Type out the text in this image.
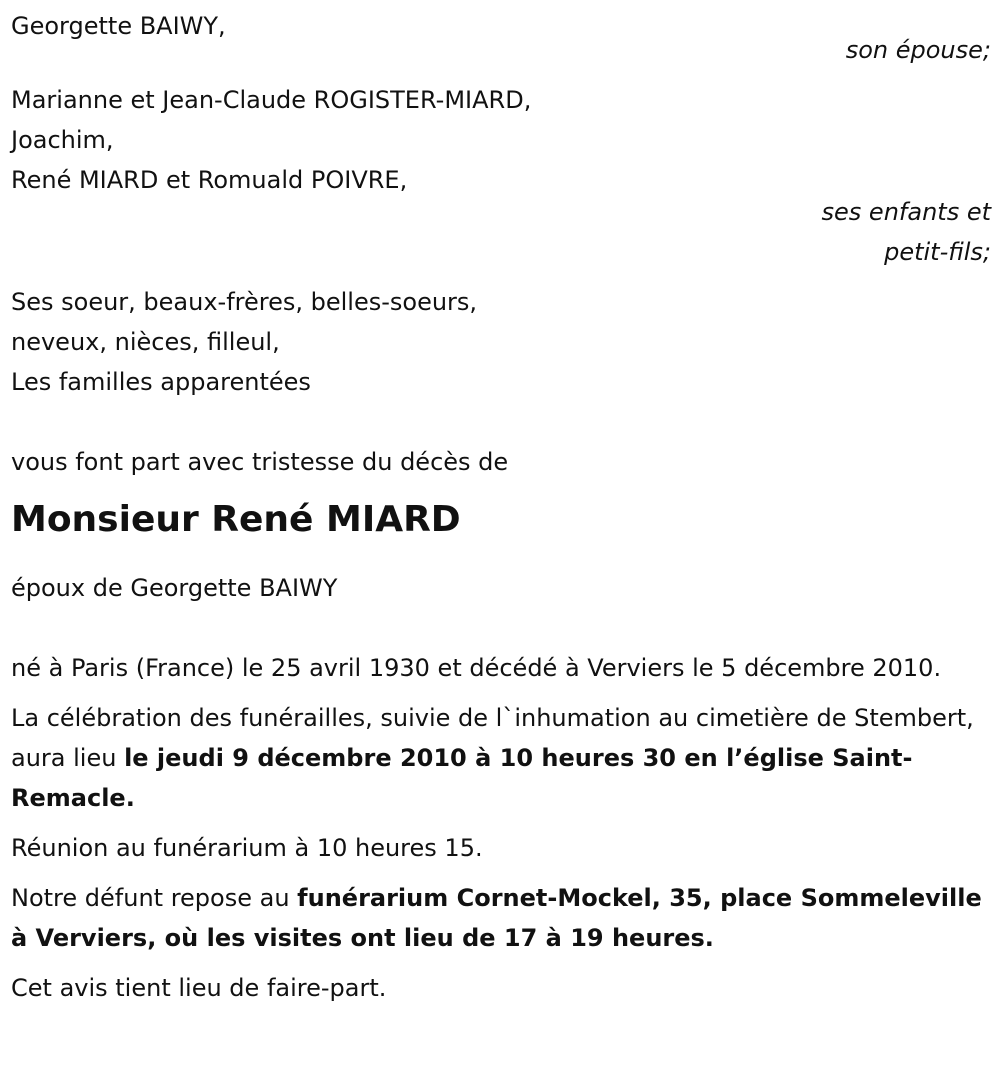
Georgette BAIWY,
son épouse;
Marianne et Jean-Claude ROGISTER-MIARD,
Joachim,
René MIARD et Romuald POIVRE,
ses enfants et
petit-fils;
Ses soeur, beaux-frères, belles-soeurs,
neveux, nièces, filleul,
Les familles apparentées
vous font part avec tristesse du décès de
Monsieur René MIARD
époux de Georgette BAIWY
né à Paris (France) le 25 avril 1930 et décédé à Verviers le 5 décembre 2010.
La célébration des funérailles, suivie de l`inhumation au cimetière de Stembert, aura lieu le jeudi 9 décembre 2010 à 10 heures 30 en l’église Saint-Remacle.
Réunion au funérarium à 10 heures 15.
Notre défunt repose au funérarium Cornet-Mockel, 35, place Sommeleville à Verviers, où les visites ont lieu de 17 à 19 heures.
Cet avis tient lieu de faire-part.
